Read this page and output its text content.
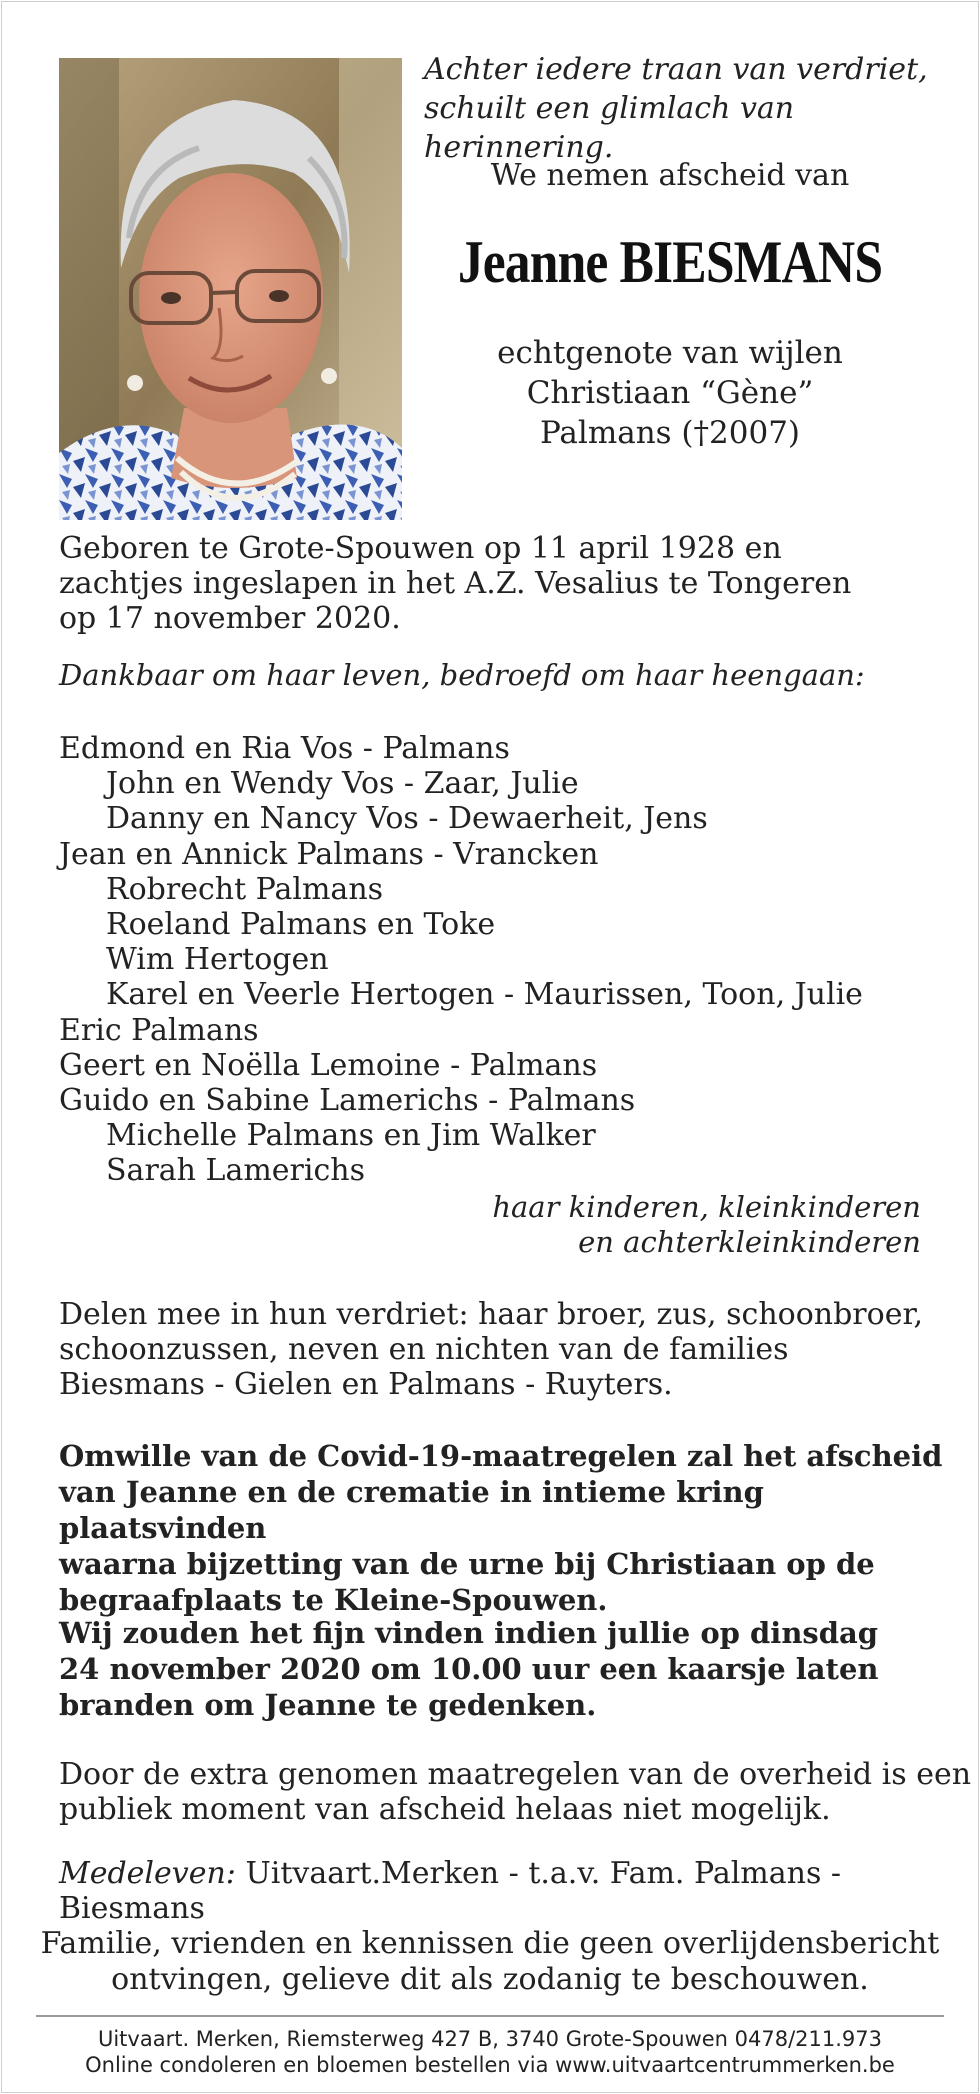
Achter iedere traan van verdriet,
schuilt een glimlach van herinnering.
We nemen afscheid van
Jeanne BIESMANS
echtgenote van wijlen
Christiaan “Gène”
Palmans (†2007)
Geboren te Grote-Spouwen op 11 april 1928 en
zachtjes ingeslapen in het A.Z. Vesalius te Tongeren
op 17 november 2020.
Dankbaar om haar leven, bedroefd om haar heengaan:
Edmond en Ria Vos - Palmans
John en Wendy Vos - Zaar, Julie
Danny en Nancy Vos - Dewaerheit, Jens
Jean en Annick Palmans - Vrancken
Robrecht Palmans
Roeland Palmans en Toke
Wim Hertogen
Karel en Veerle Hertogen - Maurissen, Toon, Julie
Eric Palmans
Geert en Noëlla Lemoine - Palmans
Guido en Sabine Lamerichs - Palmans
Michelle Palmans en Jim Walker
Sarah Lamerichs
haar kinderen, kleinkinderen
en achterkleinkinderen
Delen mee in hun verdriet: haar broer, zus, schoonbroer,
schoonzussen, neven en nichten van de families
Biesmans - Gielen en Palmans - Ruyters.
Omwille van de Covid-19-maatregelen zal het afscheid
van Jeanne en de crematie in intieme kring plaatsvinden
waarna bijzetting van de urne bij Christiaan op de
begraafplaats te Kleine-Spouwen.
Wij zouden het fijn vinden indien jullie op dinsdag
24 november 2020 om 10.00 uur een kaarsje laten
branden om Jeanne te gedenken.
Door de extra genomen maatregelen van de overheid is een
publiek moment van afscheid helaas niet mogelijk.
Medeleven: Uitvaart.Merken - t.a.v. Fam. Palmans - Biesmans
Familie, vrienden en kennissen die geen overlijdensbericht
ontvingen, gelieve dit als zodanig te beschouwen.
Uitvaart. Merken, Riemsterweg 427 B, 3740 Grote-Spouwen 0478/211.973
Online condoleren en bloemen bestellen via www.uitvaartcentrummerken.be
